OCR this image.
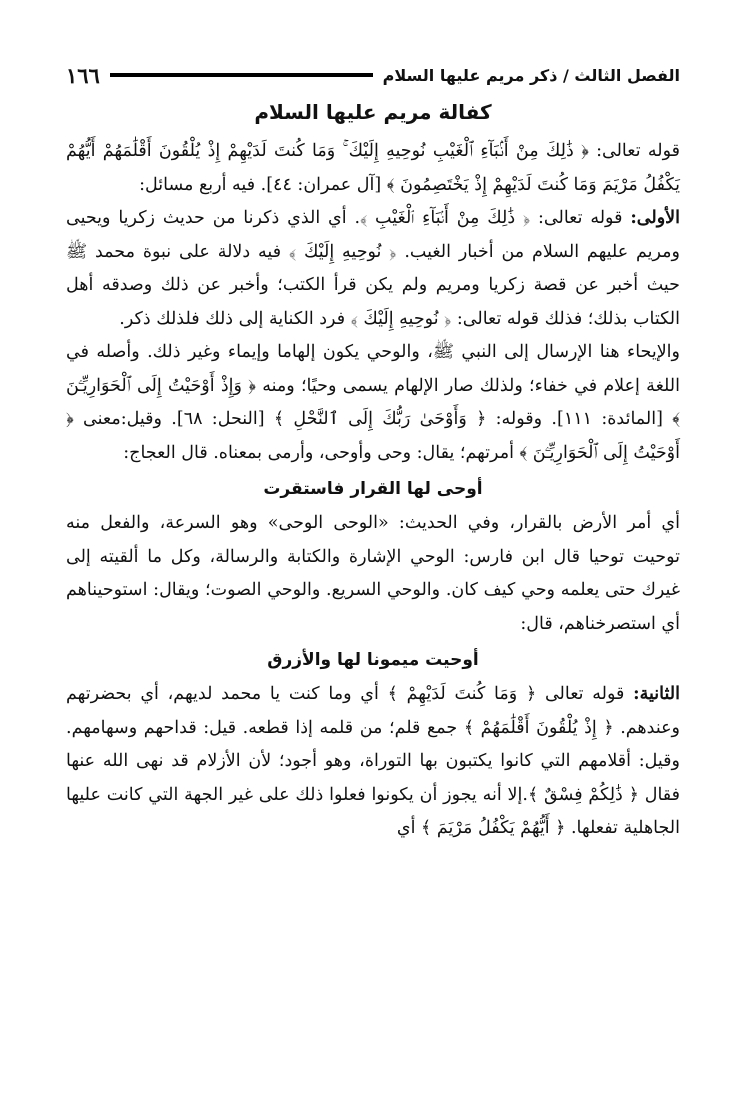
الفصل الثالث / ذكر مريم عليها السلام
١٦٦
كفالة مريم عليها السلام

قوله تعالى: ﴿ ذَٰلِكَ مِنْ أَنۢبَآءِ ٱلْغَيْبِ نُوحِيهِ إِلَيْكَ ۚ وَمَا كُنتَ لَدَيْهِمْ إِذْ يُلْقُونَ أَقْلَٰمَهُمْ أَيُّهُمْ يَكْفُلُ مَرْيَمَ وَمَا كُنتَ لَدَيْهِمْ إِذْ يَخْتَصِمُونَ ﴾ [آل عمران: ٤٤]. فيه أربع مسائل:

الأولى: قوله تعالى: ﴿ ذَٰلِكَ مِنْ أَنۢبَآءِ ٱلْغَيْبِ ﴾. أي الذي ذكرنا من حديث زكريا ويحيى ومريم عليهم السلام من أخبار الغيب. ﴿ نُوحِيهِ إِلَيْكَ ﴾ فيه دلالة على نبوة محمد ﷺ حيث أخبر عن قصة زكريا ومريم ولم يكن قرأ الكتب؛ وأخبر عن ذلك وصدقه أهل الكتاب بذلك؛ فذلك قوله تعالى: ﴿ نُوحِيهِ إِلَيْكَ ﴾ فرد الكناية إلى ذلك فلذلك ذكر.

والإيحاء هنا الإرسال إلى النبي ﷺ، والوحي يكون إلهاما وإيماء وغير ذلك. وأصله في اللغة إعلام في خفاء؛ ولذلك صار الإلهام يسمى وحيًا؛ ومنه ﴿ وَإِذْ أَوْحَيْتُ إِلَى ٱلْحَوَارِيِّـۧنَ ﴾ [المائدة: ١١١]. وقوله: ﴿ وَأَوْحَىٰ رَبُّكَ إِلَى ٱلنَّحْلِ ﴾ [النحل: ٦٨]. وقيل:معنى ﴿ أَوْحَيْتُ إِلَى ٱلْحَوَارِيِّـۧنَ ﴾ أمرتهم؛ يقال: وحى وأوحى، وأرمى بمعناه. قال العجاج:

أوحى لها القرار فاستقرت

أي أمر الأرض بالقرار، وفي الحديث: «الوحى الوحى» وهو السرعة، والفعل منه توحيت توحيا قال ابن فارس: الوحي الإشارة والكتابة والرسالة، وكل ما ألقيته إلى غيرك حتى يعلمه وحي كيف كان. والوحي السريع. والوحي الصوت؛ ويقال: استوحيناهم أي استصرخناهم، قال:

أوحيت ميمونا لها والأزرق

الثانية: قوله تعالى ﴿ وَمَا كُنتَ لَدَيْهِمْ ﴾ أي وما كنت يا محمد لديهم، أي بحضرتهم وعندهم. ﴿ إِذْ يُلْقُونَ أَقْلَٰمَهُمْ ﴾ جمع قلم؛ من قلمه إذا قطعه. قيل: قداحهم وسهامهم. وقيل: أقلامهم التي كانوا يكتبون بها التوراة، وهو أجود؛ لأن الأزلام قد نهى الله عنها فقال ﴿ ذَٰلِكُمْ فِسْقٌ ﴾.إلا أنه يجوز أن يكونوا فعلوا ذلك على غير الجهة التي كانت عليها الجاهلية تفعلها. ﴿ أَيُّهُمْ يَكْفُلُ مَرْيَمَ ﴾ أي
